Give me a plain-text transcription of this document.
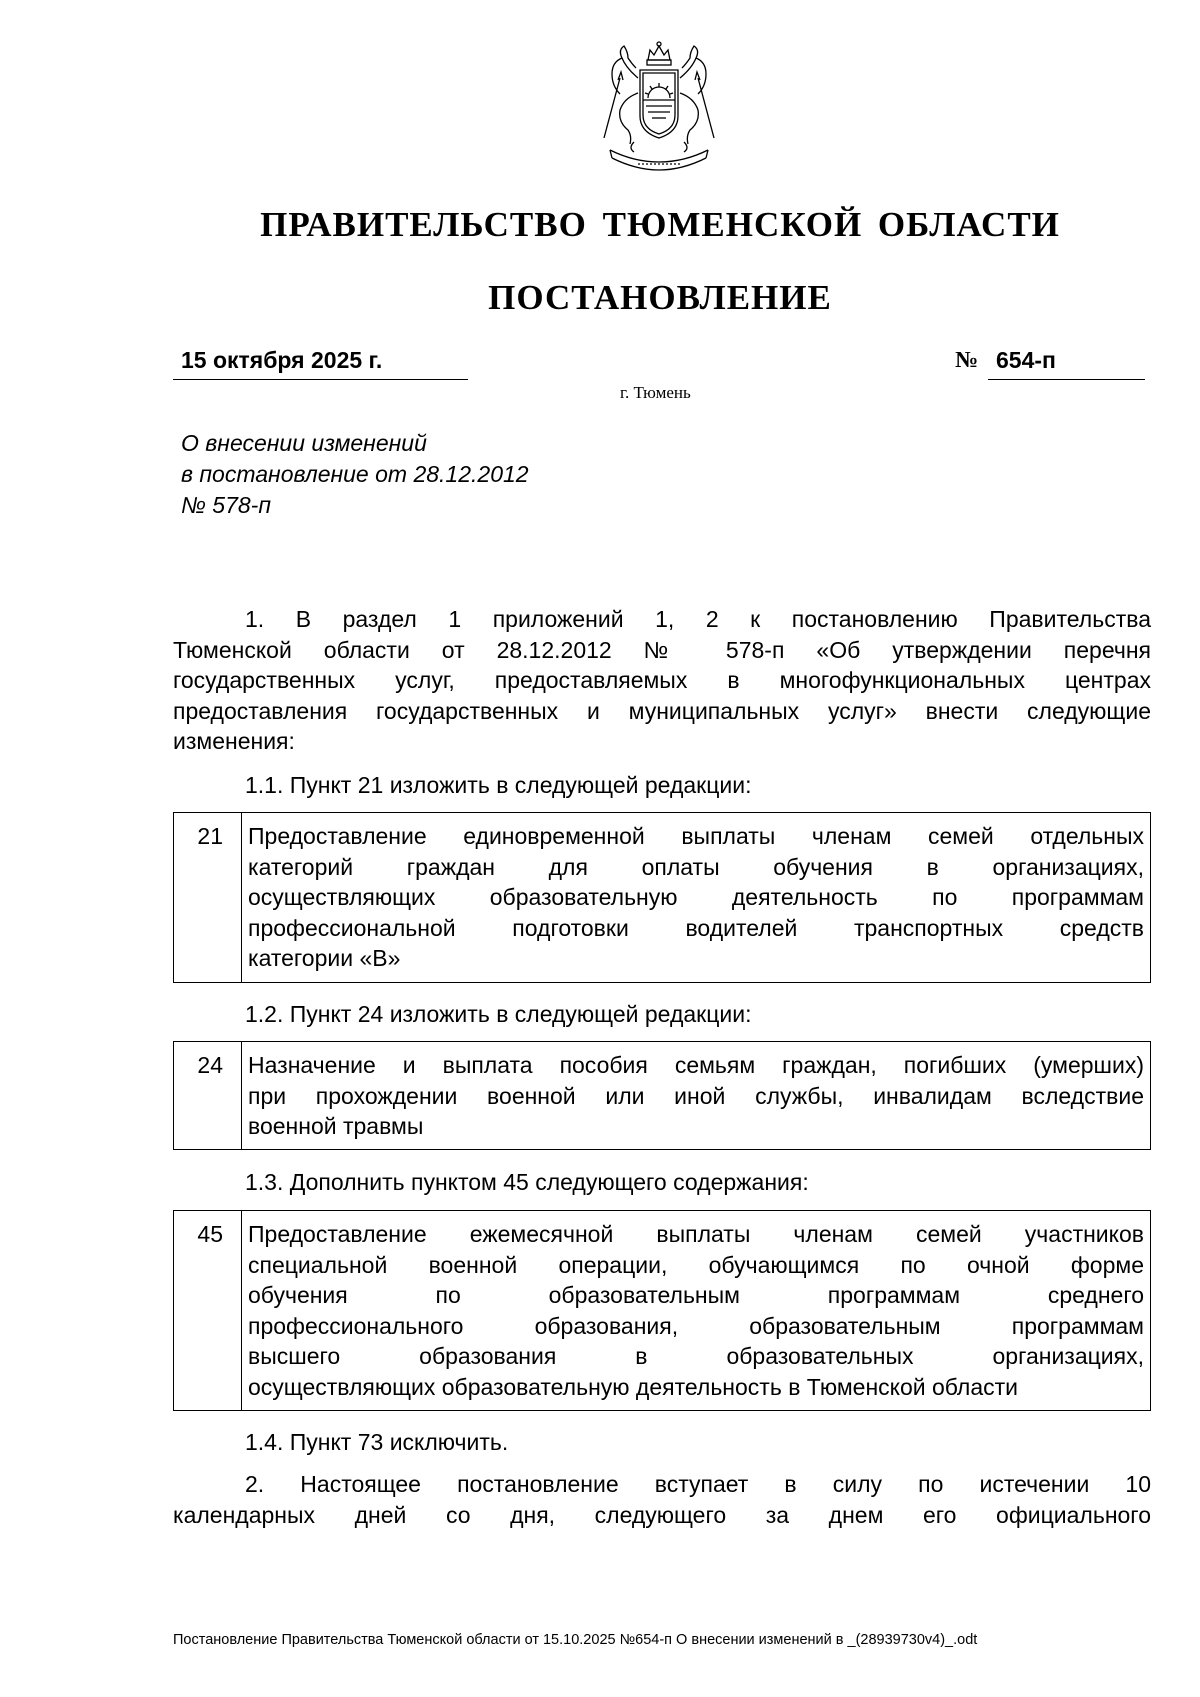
ПРАВИТЕЛЬСТВО ТЮМЕНСКОЙ ОБЛАСТИ
ПОСТАНОВЛЕНИЕ
15 октября 2025 г.	№ 654-п
г. Тюмень
О внесении изменений
в постановление от 28.12.2012
№ 578-п
1. В раздел 1 приложений 1, 2 к постановлению Правительства
Тюменской области от 28.12.2012 № 578-п «Об утверждении перечня
государственных услуг, предоставляемых в многофункциональных центрах
предоставления государственных и муниципальных услуг» внести следующие
изменения:
1.1. Пункт 21 изложить в следующей редакции:
21	Предоставление единовременной выплаты членам семей отдельных
категорий граждан для оплаты обучения в организациях,
осуществляющих образовательную деятельность по программам
профессиональной подготовки водителей транспортных средств
категории «B»
1.2. Пункт 24 изложить в следующей редакции:
24	Назначение и выплата пособия семьям граждан, погибших (умерших)
при прохождении военной или иной службы, инвалидам вследствие
военной травмы
1.3. Дополнить пунктом 45 следующего содержания:
45	Предоставление ежемесячной выплаты членам семей участников
специальной военной операции, обучающимся по очной форме
обучения по образовательным программам среднего
профессионального образования, образовательным программам
высшего образования в образовательных организациях,
осуществляющих образовательную деятельность в Тюменской области
1.4. Пункт 73 исключить.
2. Настоящее постановление вступает в силу по истечении 10
календарных дней со дня, следующего за днем его официального
Постановление Правительства Тюменской области от 15.10.2025 №654-п О внесении изменений в _(28939730v4)_.odt
